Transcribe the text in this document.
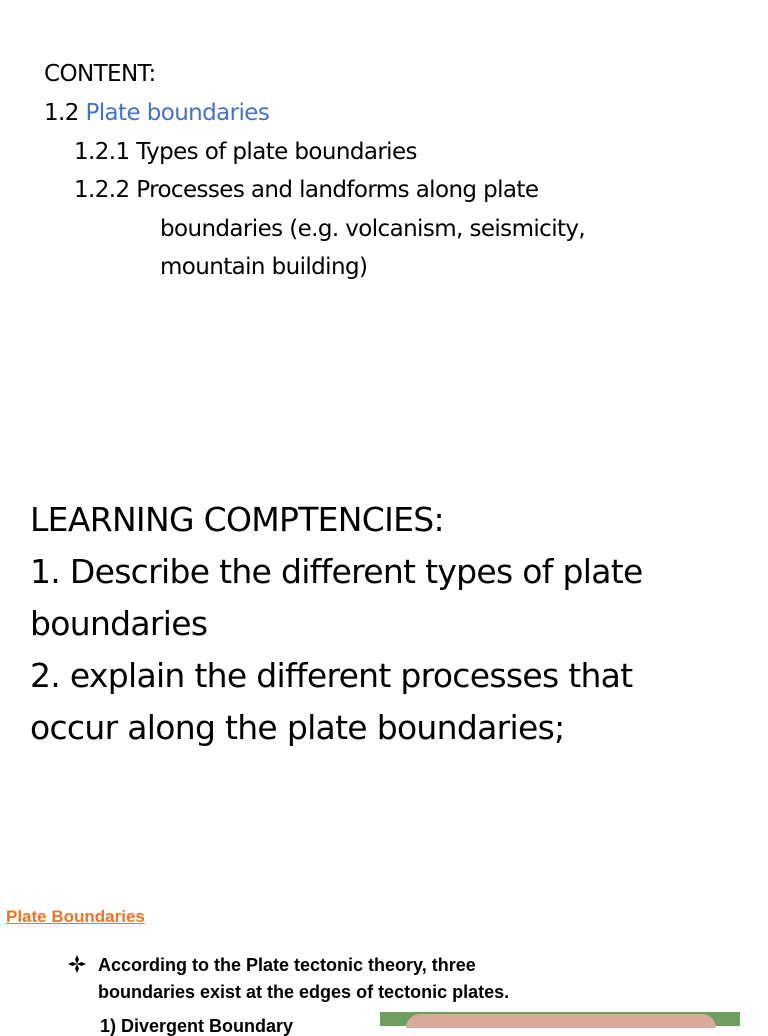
CONTENT:
1.2 Plate boundaries
1.2.1 Types of plate boundaries
1.2.2 Processes and landforms along plate
boundaries (e.g. volcanism, seismicity,
mountain building)
LEARNING COMPTENCIES:
1. Describe the different types of plate
boundaries
2. explain the different processes that
occur along the plate boundaries;
Plate Boundaries
According to the Plate tectonic theory, three
boundaries exist at the edges of tectonic plates.
1) Divergent Boundary
